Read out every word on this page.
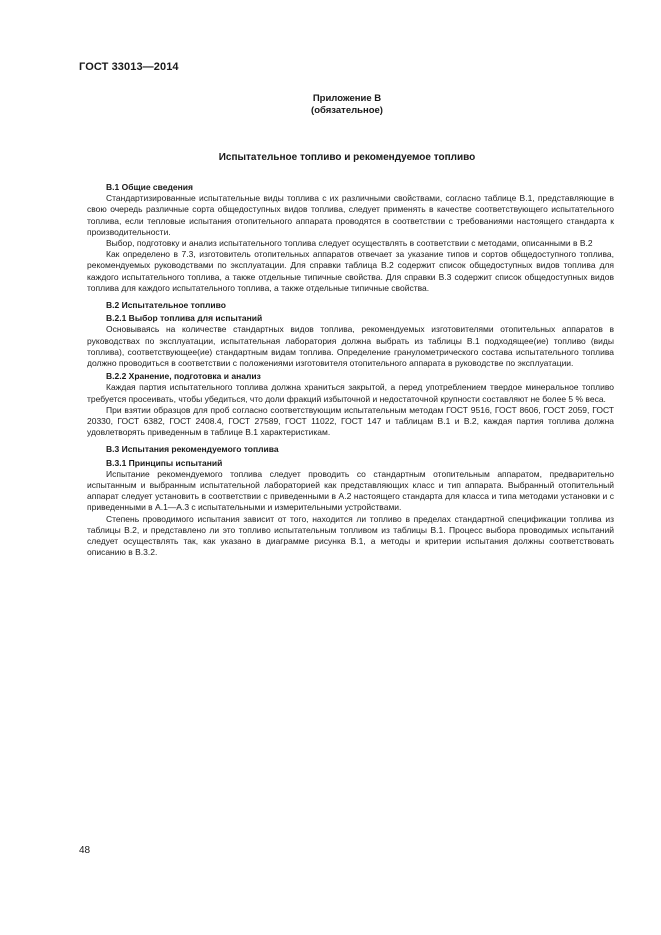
ГОСТ 33013—2014
Приложение В
(обязательное)
Испытательное топливо и рекомендуемое топливо
В.1 Общие сведения

Стандартизированные испытательные виды топлива с их различными свойствами, согласно таблице В.1, представляющие в свою очередь различные сорта общедоступных видов топлива, следует применять в качестве соответствующего испытательного топлива, если тепловые испытания отопительного аппарата проводятся в соответствии с требованиями настоящего стандарта к производительности.

Выбор, подготовку и анализ испытательного топлива следует осуществлять в соответствии с методами, описанными в В.2

Как определено в 7.3, изготовитель отопительных аппаратов отвечает за указание типов и сортов общедоступного топлива, рекомендуемых руководствами по эксплуатации. Для справки таблица В.2 содержит список общедоступных видов топлива для каждого испытательного топлива, а также отдельные типичные свойства. Для справки В.3 содержит список общедоступных видов топлива для каждого испытательного топлива, а также отдельные типичные свойства.

В.2 Испытательное топливо
В.2.1 Выбор топлива для испытаний

Основываясь на количестве стандартных видов топлива, рекомендуемых изготовителями отопительных аппаратов в руководствах по эксплуатации, испытательная лаборатория должна выбрать из таблицы В.1 подходящее(ие) топливо (виды топлива), соответствующее(ие) стандартным видам топлива. Определение гранулометрического состава испытательного топлива должно проводиться в соответствии с положениями изготовителя отопительного аппарата в руководстве по эксплуатации.

В.2.2 Хранение, подготовка и анализ

Каждая партия испытательного топлива должна храниться закрытой, а перед употреблением твердое минеральное топливо требуется просеивать, чтобы убедиться, что доли фракций избыточной и недостаточной крупности составляют не более 5 % веса.

При взятии образцов для проб согласно соответствующим испытательным методам ГОСТ 9516, ГОСТ 8606, ГОСТ 2059, ГОСТ 20330, ГОСТ 6382, ГОСТ 2408.4, ГОСТ 27589, ГОСТ 11022, ГОСТ 147 и таблицам В.1 и В.2, каждая партия топлива должна удовлетворять приведенным в таблице В.1 характеристикам.

В.3 Испытания рекомендуемого топлива
В.3.1 Принципы испытаний

Испытание рекомендуемого топлива следует проводить со стандартным отопительным аппаратом, предварительно испытанным и выбранным испытательной лабораторией как представляющих класс и тип аппарата. Выбранный отопительный аппарат следует установить в соответствии с приведенными в А.2 настоящего стандарта для класса и типа методами установки и с приведенными в А.1—А.3 с испытательными и измерительными устройствами.

Степень проводимого испытания зависит от того, находится ли топливо в пределах стандартной спецификации топлива из таблицы В.2, и представлено ли это топливо испытательным топливом из таблицы В.1. Процесс выбора проводимых испытаний следует осуществлять так, как указано в диаграмме рисунка В.1, а методы и критерии испытания должны соответствовать описанию в В.3.2.

48
